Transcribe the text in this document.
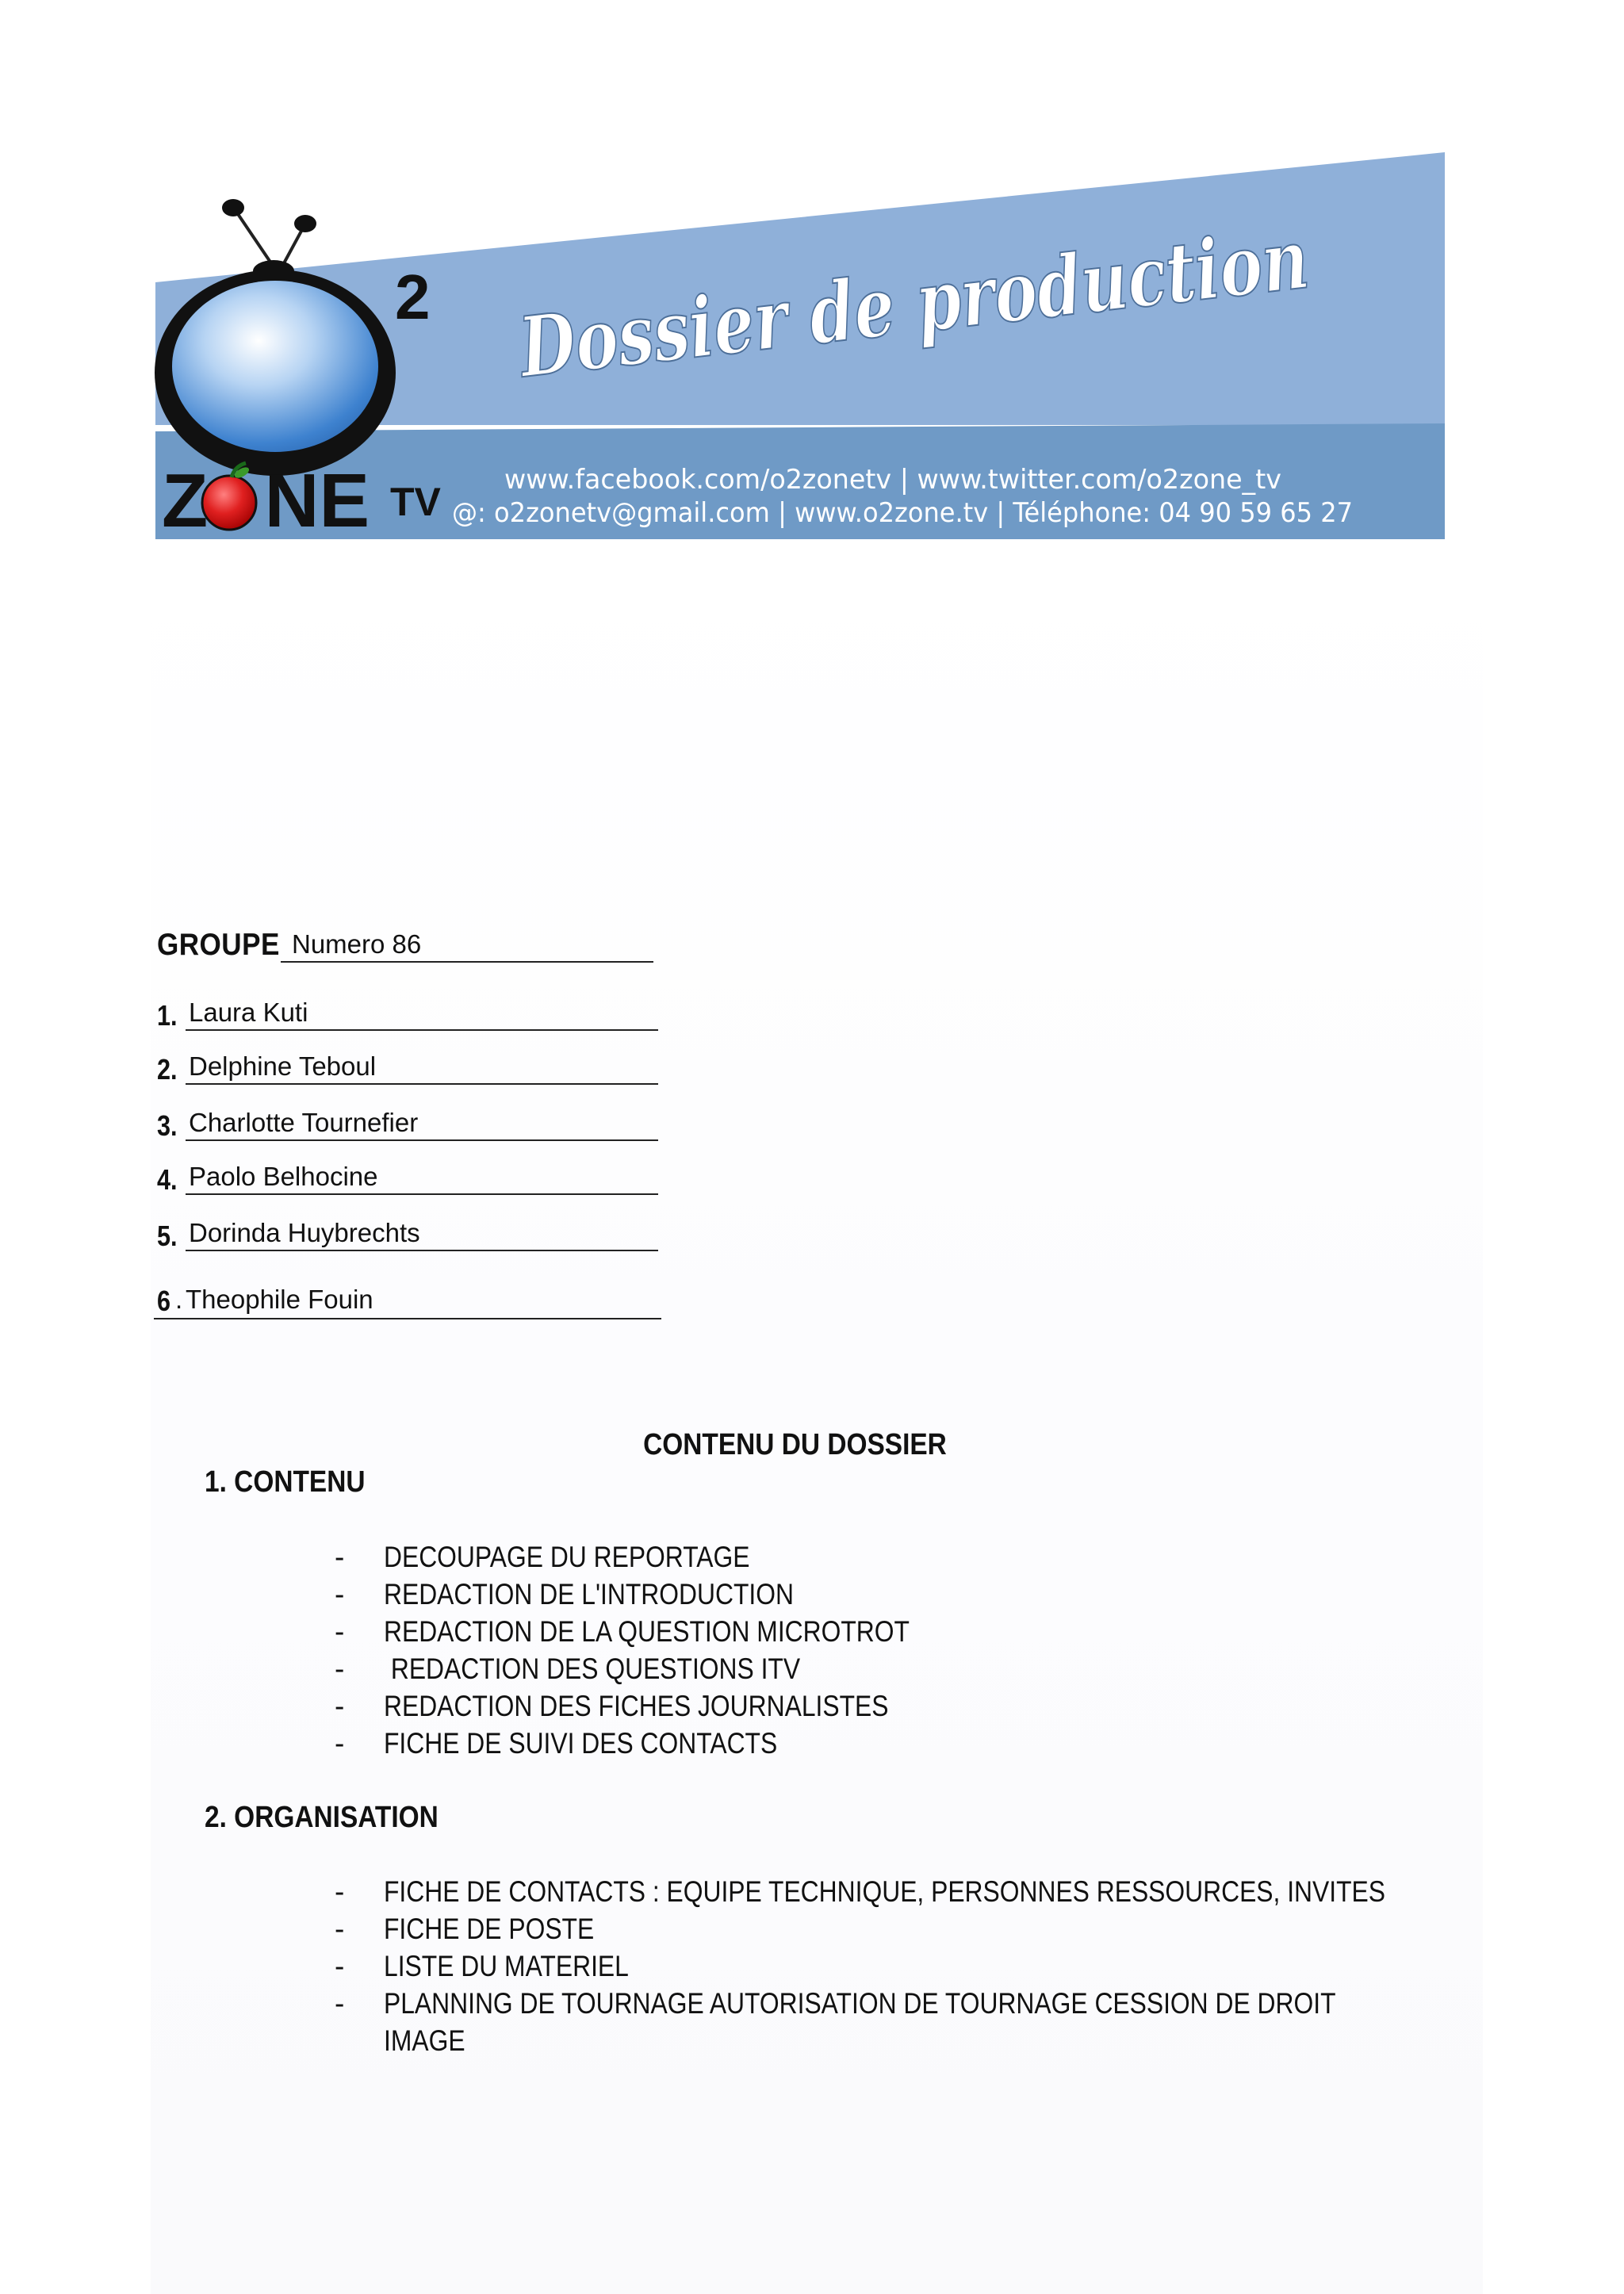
2
Z NE TV
Dossier de production
www.facebook.com/o2zonetv | www.twitter.com/o2zone_tv
@: o2zonetv@gmail.com | www.o2zone.tv | Téléphone: 04 90 59 65 27
GROUPE Numero 86
1. Laura Kuti
2. Delphine Teboul
3. Charlotte Tournefier
4. Paolo Belhocine
5. Dorinda Huybrechts
6 . Theophile Fouin
CONTENU DU DOSSIER
1. CONTENU
- DECOUPAGE DU REPORTAGE
- REDACTION DE L'INTRODUCTION
- REDACTION DE LA QUESTION MICROTROT
- REDACTION DES QUESTIONS ITV
- REDACTION DES FICHES JOURNALISTES
- FICHE DE SUIVI DES CONTACTS
2. ORGANISATION
- FICHE DE CONTACTS : EQUIPE TECHNIQUE, PERSONNES RESSOURCES, INVITES
- FICHE DE POSTE
- LISTE DU MATERIEL
- PLANNING DE TOURNAGE AUTORISATION DE TOURNAGE CESSION DE DROIT
IMAGE
